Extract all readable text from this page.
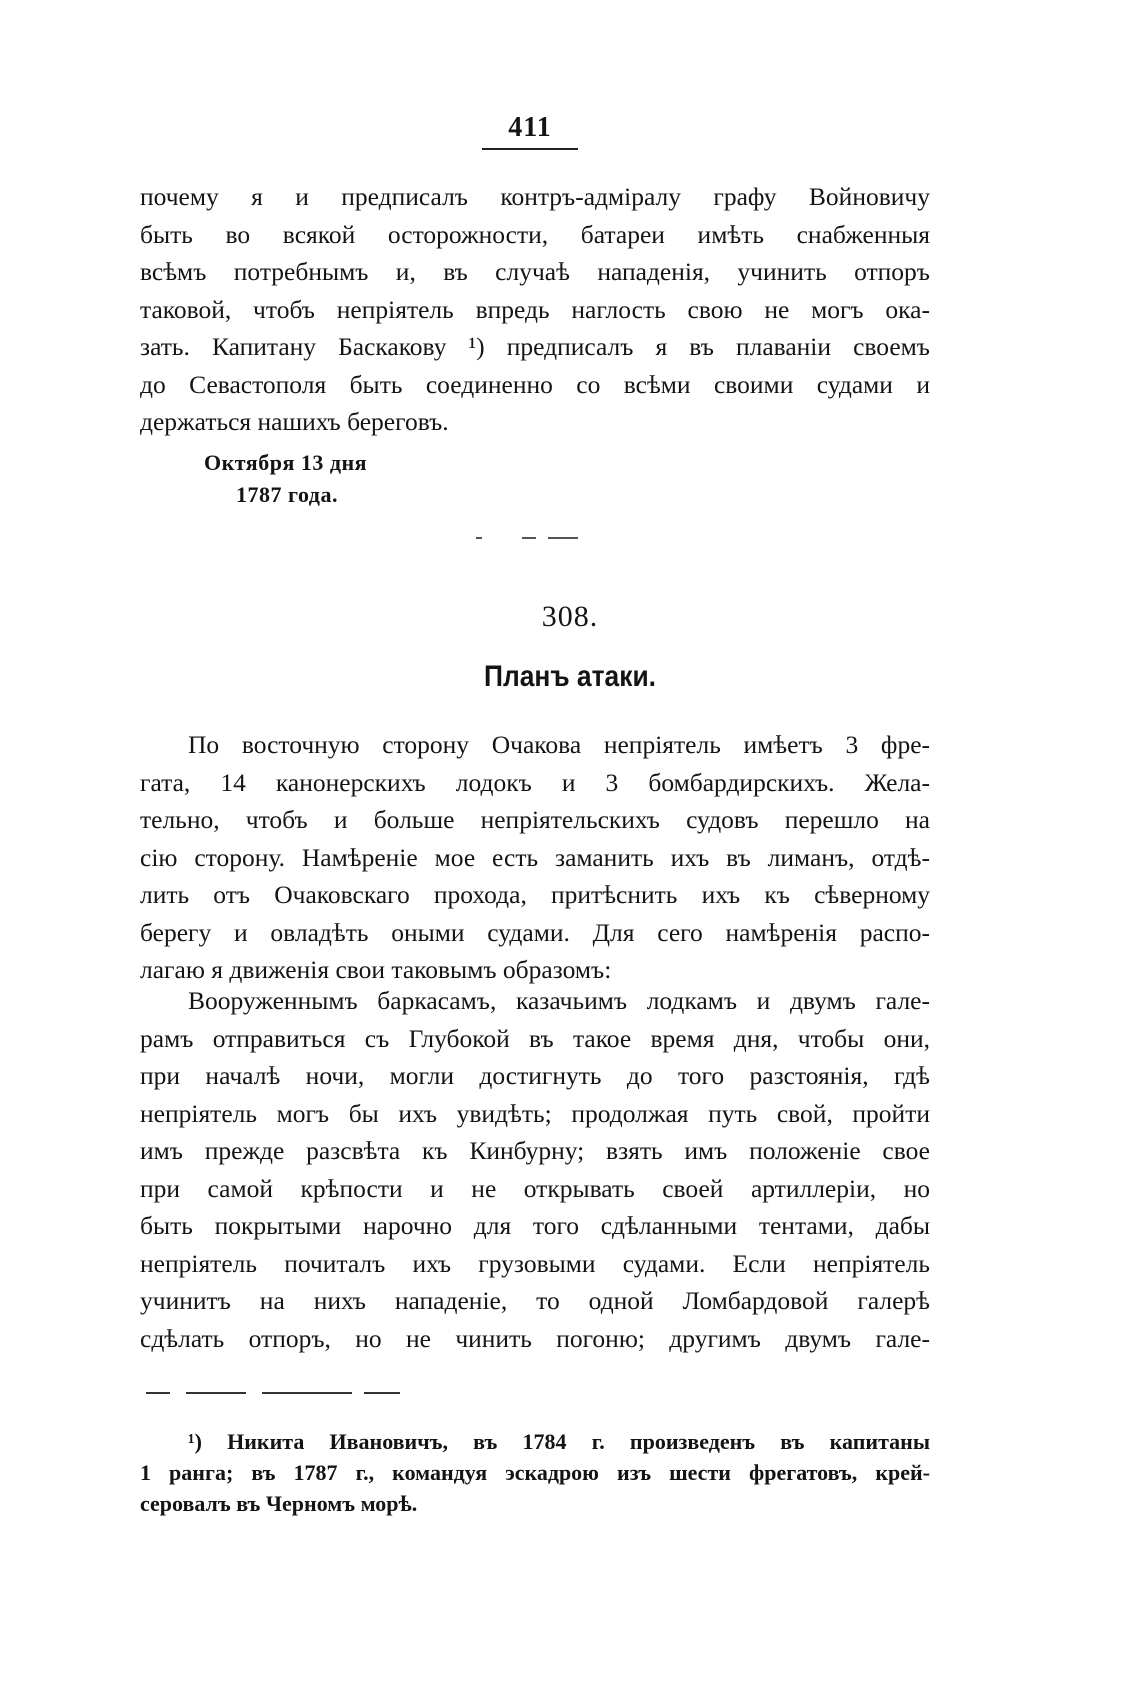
411
почему я и предписалъ контръ-адміралу графу Войновичу
быть во всякой осторожности, батареи имѣть снабженныя
всѣмъ потребнымъ и, въ случаѣ нападенія, учинить отпоръ
таковой, чтобъ непріятель впредь наглость свою не могъ ока-
зать. Капитану Баскакову ¹) предписалъ я въ плаваніи своемъ
до Севастополя быть соединенно со всѣми своими судами и
держаться нашихъ береговъ.
Октября 13 дня
1787 года.
308.
Планъ атаки.
По восточную сторону Очакова непріятель имѣетъ 3 фре-
гата, 14 канонерскихъ лодокъ и 3 бомбардирскихъ. Жела-
тельно, чтобъ и больше непріятельскихъ судовъ перешло на
сію сторону. Намѣреніе мое есть заманить ихъ въ лиманъ, отдѣ-
лить отъ Очаковскаго прохода, притѣснить ихъ къ сѣверному
берегу и овладѣть оными судами. Для сего намѣренія распо-
лагаю я движенія свои таковымъ образомъ:
Вооруженнымъ баркасамъ, казачьимъ лодкамъ и двумъ гале-
рамъ отправиться съ Глубокой въ такое время дня, чтобы они,
при началѣ ночи, могли достигнуть до того разстоянія, гдѣ
непріятель могъ бы ихъ увидѣть; продолжая путь свой, пройти
имъ прежде разсвѣта къ Кинбурну; взять имъ положеніе свое
при самой крѣпости и не открывать своей артиллеріи, но
быть покрытыми нарочно для того сдѣланными тентами, дабы
непріятель почиталъ ихъ грузовыми судами. Если непріятель
учинитъ на нихъ нападеніе, то одной Ломбардовой галерѣ
сдѣлать отпоръ, но не чинить погоню; другимъ двумъ гале-
¹) Никита Ивановичъ, въ 1784 г. произведенъ въ капитаны
1 ранга; въ 1787 г., командуя эскадрою изъ шести фрегатовъ, крей-
серовалъ въ Черномъ морѣ.
